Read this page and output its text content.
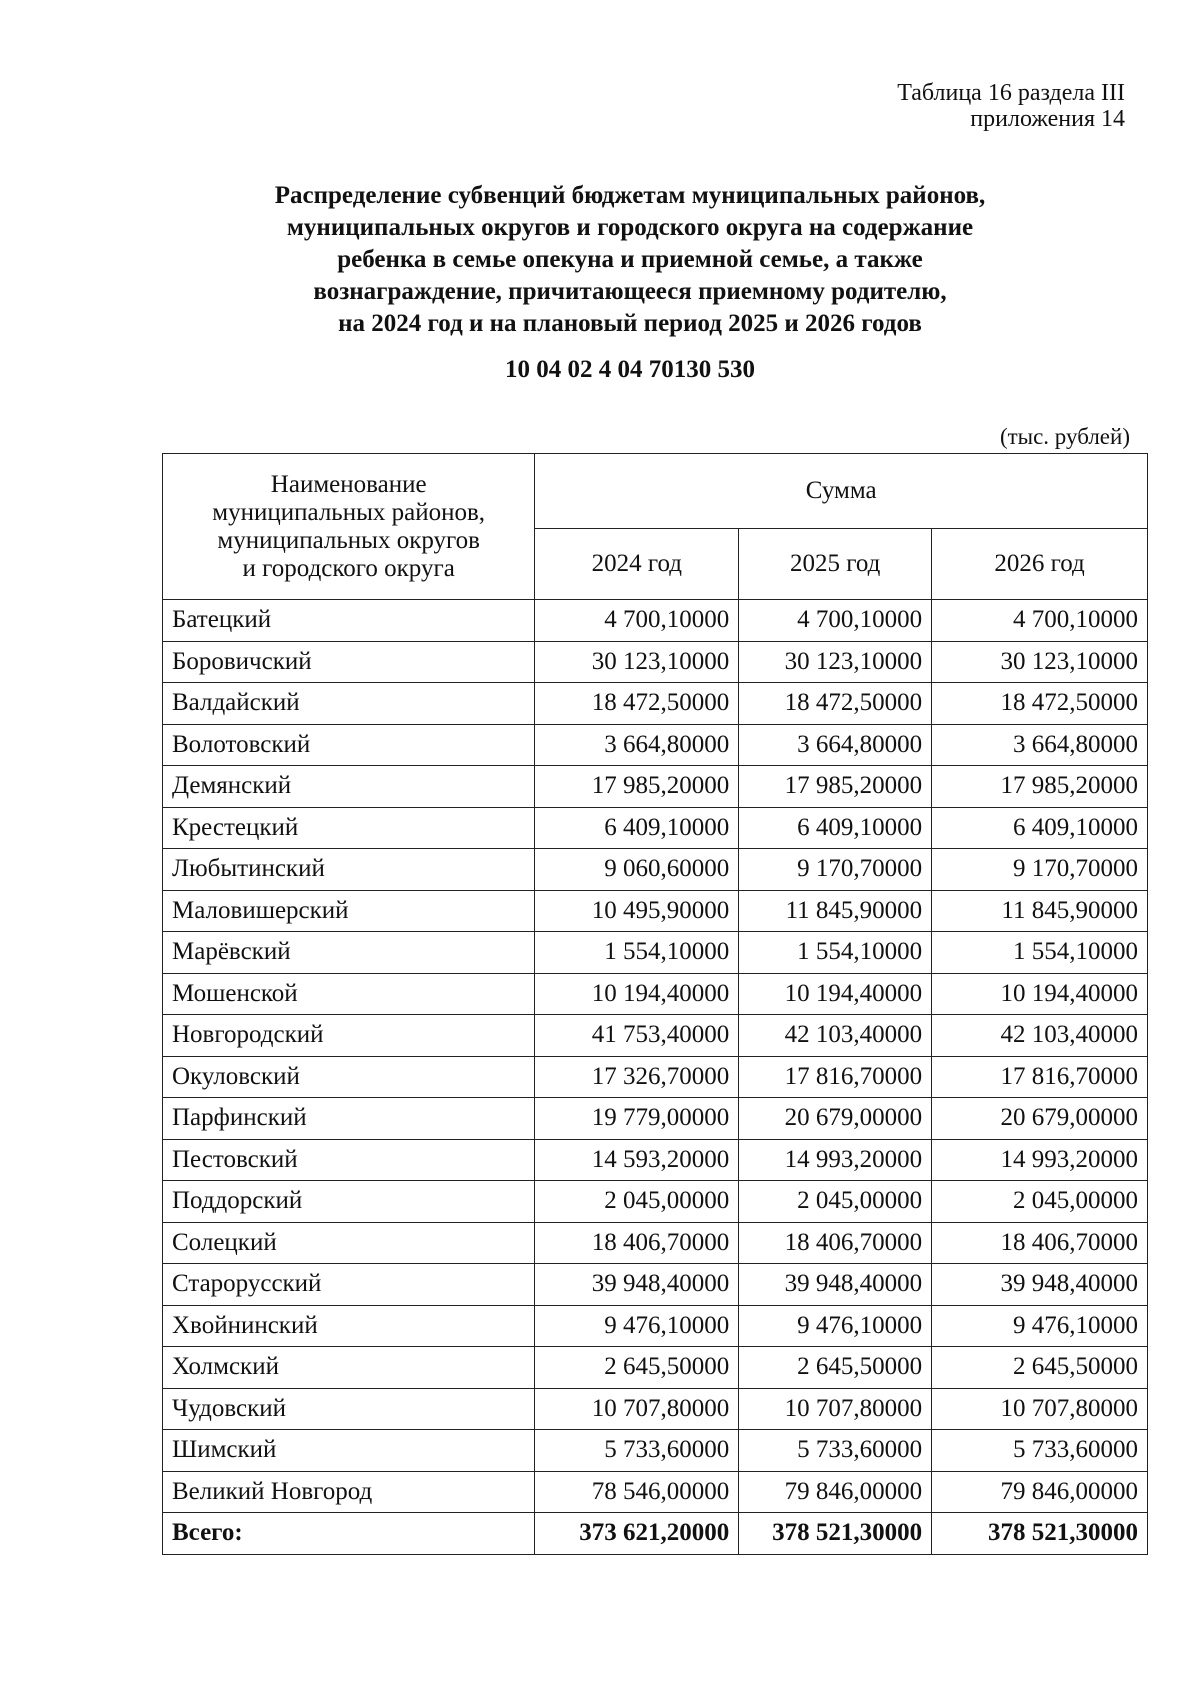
Таблица 16 раздела III
приложения 14
Распределение субвенций бюджетам муниципальных районов,
муниципальных округов и городского округа на содержание
ребенка в семье опекуна и приемной семье, а также
вознаграждение, причитающееся приемному родителю,
на 2024 год и на плановый период 2025 и 2026 годов
10 04 02 4 04 70130 530
(тыс. рублей)
Наименование
муниципальных районов,
муниципальных округов
и городского округа	Сумма		
	2024 год	2025 год	2026 год
Батецкий	4 700,10000	4 700,10000	4 700,10000
Боровичский	30 123,10000	30 123,10000	30 123,10000
Валдайский	18 472,50000	18 472,50000	18 472,50000
Волотовский	3 664,80000	3 664,80000	3 664,80000
Демянский	17 985,20000	17 985,20000	17 985,20000
Крестецкий	6 409,10000	6 409,10000	6 409,10000
Любытинский	9 060,60000	9 170,70000	9 170,70000
Маловишерский	10 495,90000	11 845,90000	11 845,90000
Марёвский	1 554,10000	1 554,10000	1 554,10000
Мошенской	10 194,40000	10 194,40000	10 194,40000
Новгородский	41 753,40000	42 103,40000	42 103,40000
Окуловский	17 326,70000	17 816,70000	17 816,70000
Парфинский	19 779,00000	20 679,00000	20 679,00000
Пестовский	14 593,20000	14 993,20000	14 993,20000
Поддорский	2 045,00000	2 045,00000	2 045,00000
Солецкий	18 406,70000	18 406,70000	18 406,70000
Старорусский	39 948,40000	39 948,40000	39 948,40000
Хвойнинский	9 476,10000	9 476,10000	9 476,10000
Холмский	2 645,50000	2 645,50000	2 645,50000
Чудовский	10 707,80000	10 707,80000	10 707,80000
Шимский	5 733,60000	5 733,60000	5 733,60000
Великий Новгород	78 546,00000	79 846,00000	79 846,00000
Всего:	373 621,20000	378 521,30000	378 521,30000
